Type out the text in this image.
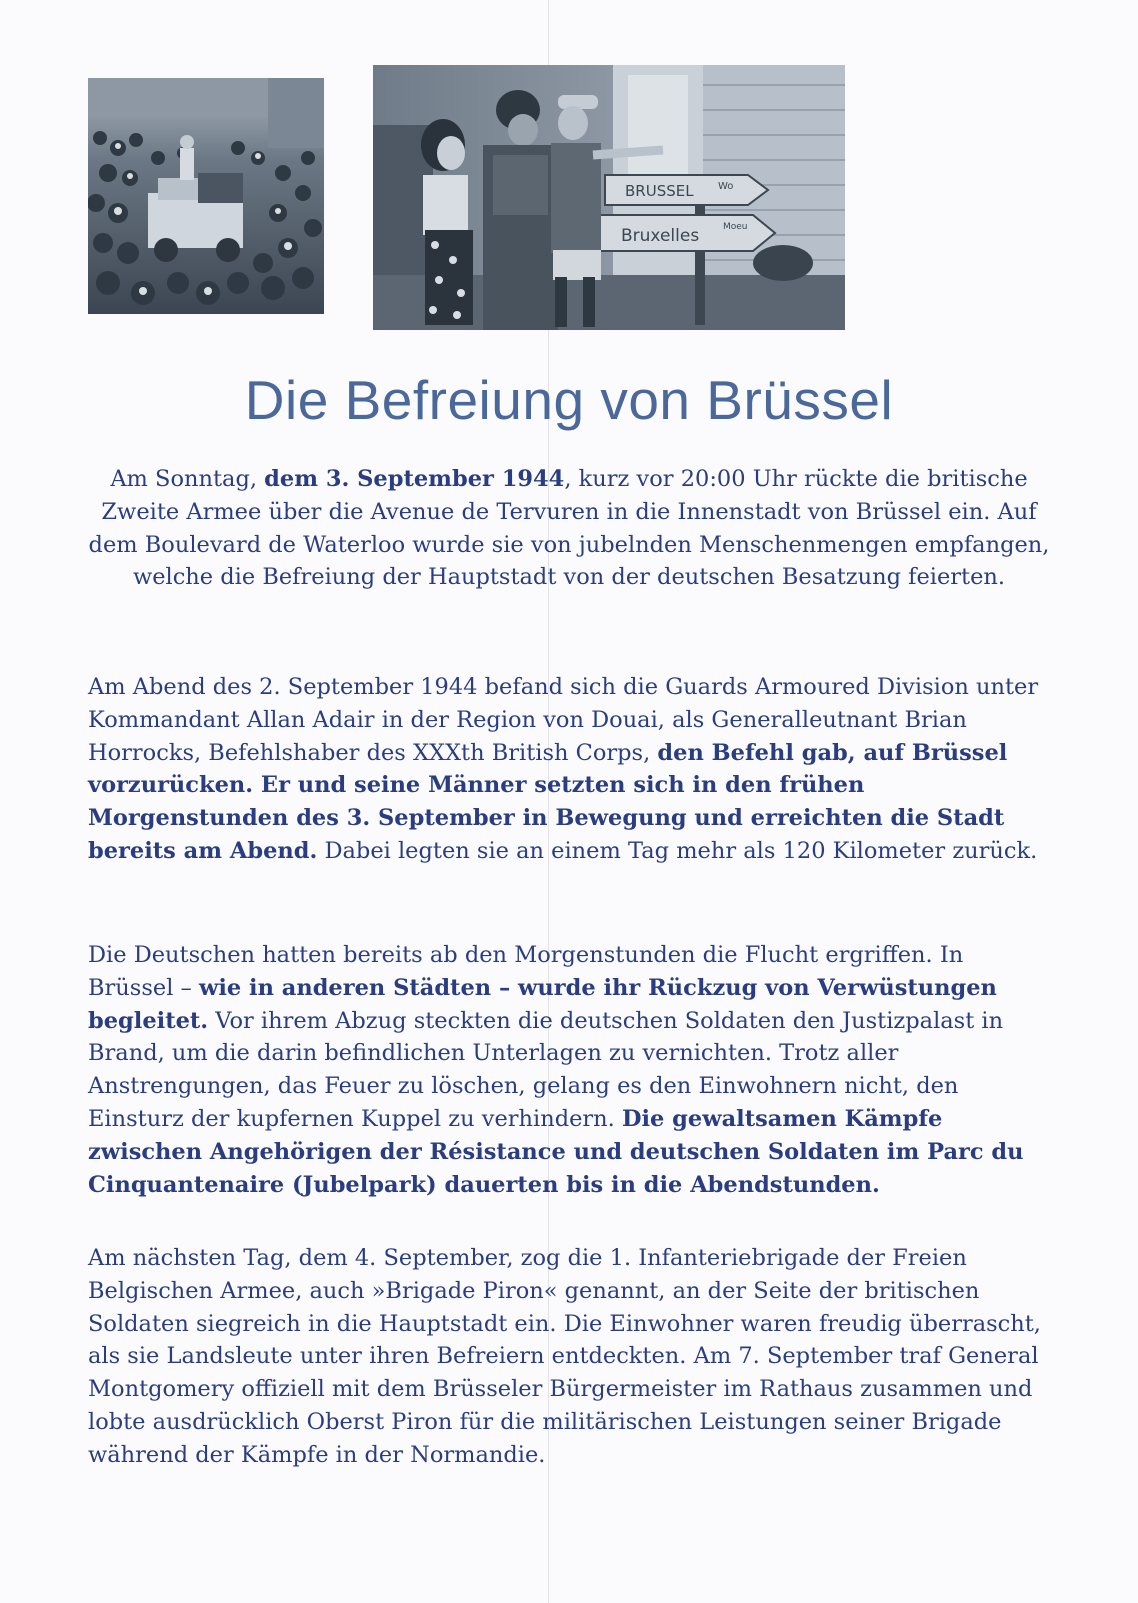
BRUSSEL Wo
Bruxelles	Moeu
Die Befreiung von Brüssel

Am Sonntag, dem 3. September 1944, kurz vor 20:00 Uhr rückte die britische Zweite Armee über die Avenue de Tervuren in die Innenstadt von Brüssel ein. Auf dem Boulevard de Waterloo wurde sie von jubelnden Menschenmengen empfangen, welche die Befreiung der Hauptstadt von der deutschen Besatzung feierten.

Am Abend des 2. September 1944 befand sich die Guards Armoured Division unter Kommandant Allan Adair in der Region von Douai, als Generalleutnant Brian Horrocks, Befehlshaber des XXXth British Corps, den Befehl gab, auf Brüssel vorzurücken. Er und seine Männer setzten sich in den frühen Morgenstunden des 3. September in Bewegung und erreichten die Stadt bereits am Abend. Dabei legten sie an einem Tag mehr als 120 Kilometer zurück.

Die Deutschen hatten bereits ab den Morgenstunden die Flucht ergriffen. In Brüssel – wie in anderen Städten – wurde ihr Rückzug von Verwüstungen begleitet. Vor ihrem Abzug steckten die deutschen Soldaten den Justizpalast in Brand, um die darin befindlichen Unterlagen zu vernichten. Trotz aller Anstrengungen, das Feuer zu löschen, gelang es den Einwohnern nicht, den Einsturz der kupfernen Kuppel zu verhindern. Die gewaltsamen Kämpfe zwischen Angehörigen der Résistance und deutschen Soldaten im Parc du Cinquantenaire (Jubelpark) dauerten bis in die Abendstunden.

Am nächsten Tag, dem 4. September, zog die 1. Infanteriebrigade der Freien Belgischen Armee, auch »Brigade Piron« genannt, an der Seite der britischen Soldaten siegreich in die Hauptstadt ein. Die Einwohner waren freudig überrascht, als sie Landsleute unter ihren Befreiern entdeckten. Am 7. September traf General Montgomery offiziell mit dem Brüsseler Bürgermeister im Rathaus zusammen und lobte ausdrücklich Oberst Piron für die militärischen Leistungen seiner Brigade während der Kämpfe in der Normandie.
